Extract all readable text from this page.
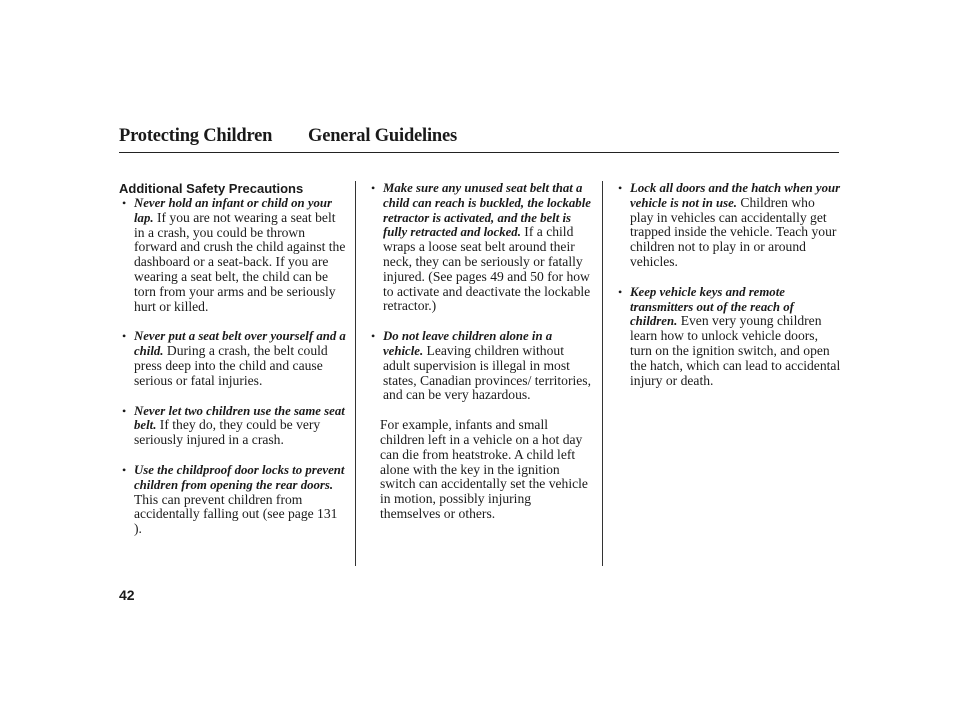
Protecting Children General Guidelines

Additional Safety Precautions

• Never hold an infant or child on your lap. If you are not wearing a seat belt in a crash, you could be thrown forward and crush the child against the dashboard or a seat-back. If you are wearing a seat belt, the child can be torn from your arms and be seriously hurt or killed.

• Never put a seat belt over yourself and a child. During a crash, the belt could press deep into the child and cause serious or fatal injuries.

• Never let two children use the same seat belt. If they do, they could be very seriously injured in a crash.

• Use the childproof door locks to prevent children from opening the rear doors. This can prevent children from accidentally falling out (see page 131 ).

• Make sure any unused seat belt that a child can reach is buckled, the lockable retractor is activated, and the belt is fully retracted and locked. If a child wraps a loose seat belt around their neck, they can be seriously or fatally injured. (See pages 49 and 50 for how to activate and deactivate the lockable retractor.)

• Do not leave children alone in a vehicle. Leaving children without adult supervision is illegal in most states, Canadian provinces/ territories, and can be very hazardous.

For example, infants and small children left in a vehicle on a hot day can die from heatstroke. A child left alone with the key in the ignition switch can accidentally set the vehicle in motion, possibly injuring themselves or others.

• Lock all doors and the hatch when your vehicle is not in use. Children who play in vehicles can accidentally get trapped inside the vehicle. Teach your children not to play in or around vehicles.

• Keep vehicle keys and remote transmitters out of the reach of children. Even very young children learn how to unlock vehicle doors, turn on the ignition switch, and open the hatch, which can lead to accidental injury or death.

42
